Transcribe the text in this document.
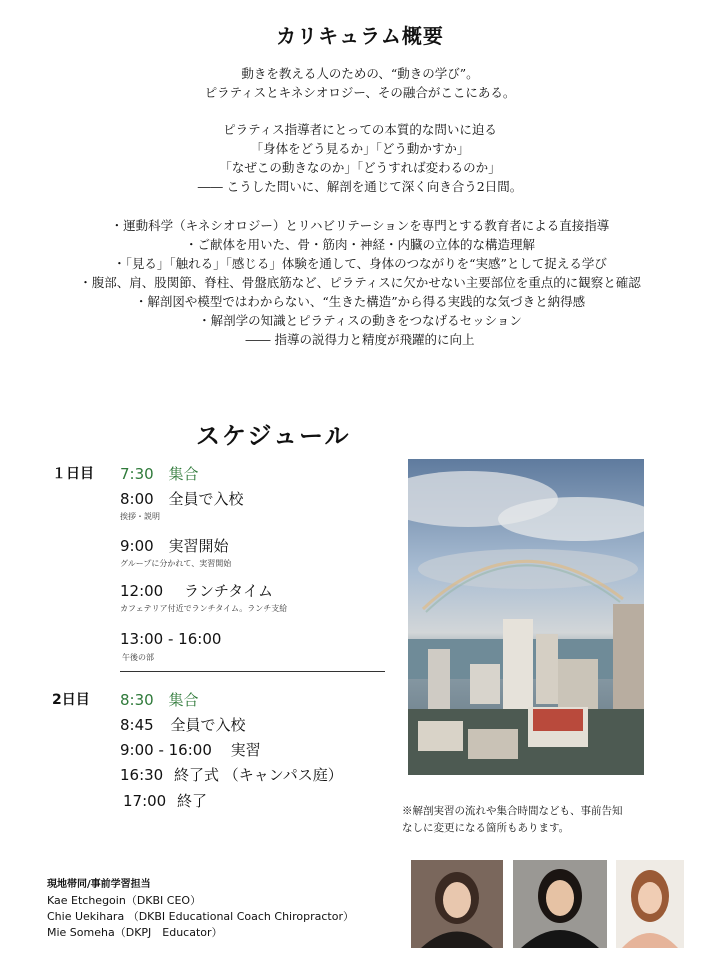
カリキュラム概要
動きを教える人のための、“動きの学び”。
ピラティスとキネシオロジー、その融合がここにある。
ピラティス指導者にとっての本質的な問いに迫る
「身体をどう見るか」「どう動かすか」
「なぜこの動きなのか」「どうすれば変わるのか」
―― こうした問いに、解剖を通じて深く向き合う2日間。
・運動科学（キネシオロジー）とリハビリテーションを専門とする教育者による直接指導
・ご献体を用いた、骨・筋肉・神経・内臓の立体的な構造理解
・「見る」「触れる」「感じる」体験を通して、身体のつながりを“実感”として捉える学び
・腹部、肩、股関節、脊柱、骨盤底筋など、ピラティスに欠かせない主要部位を重点的に観察と確認
・解剖図や模型ではわからない、“生きた構造”から得る実践的な気づきと納得感
・解剖学の知識とピラティスの動きをつなげるセッション
―― 指導の説得力と精度が飛躍的に向上
スケジュール
１日目 7:30 集合
8:00 全員で入校
挨拶・説明
9:00 実習開始
グループに分かれて、実習開始
12:00 ランチタイム
カフェテリア付近でランチタイム。ランチ支給
13:00 - 16:00
午後の部
2日目 8:30 集合
8:45 全員で入校
9:00 - 16:00 実習
16:30 終了式 （キャンパス庭）
17:00 終了
※解剖実習の流れや集合時間なども、事前告知
なしに変更になる箇所もあります。
現地帯同/事前学習担当
Kae Etchegoin（DKBI CEO）
Chie Uekihara （DKBI Educational Coach Chiropractor）
Mie Someha（DKPJ　Educator）
